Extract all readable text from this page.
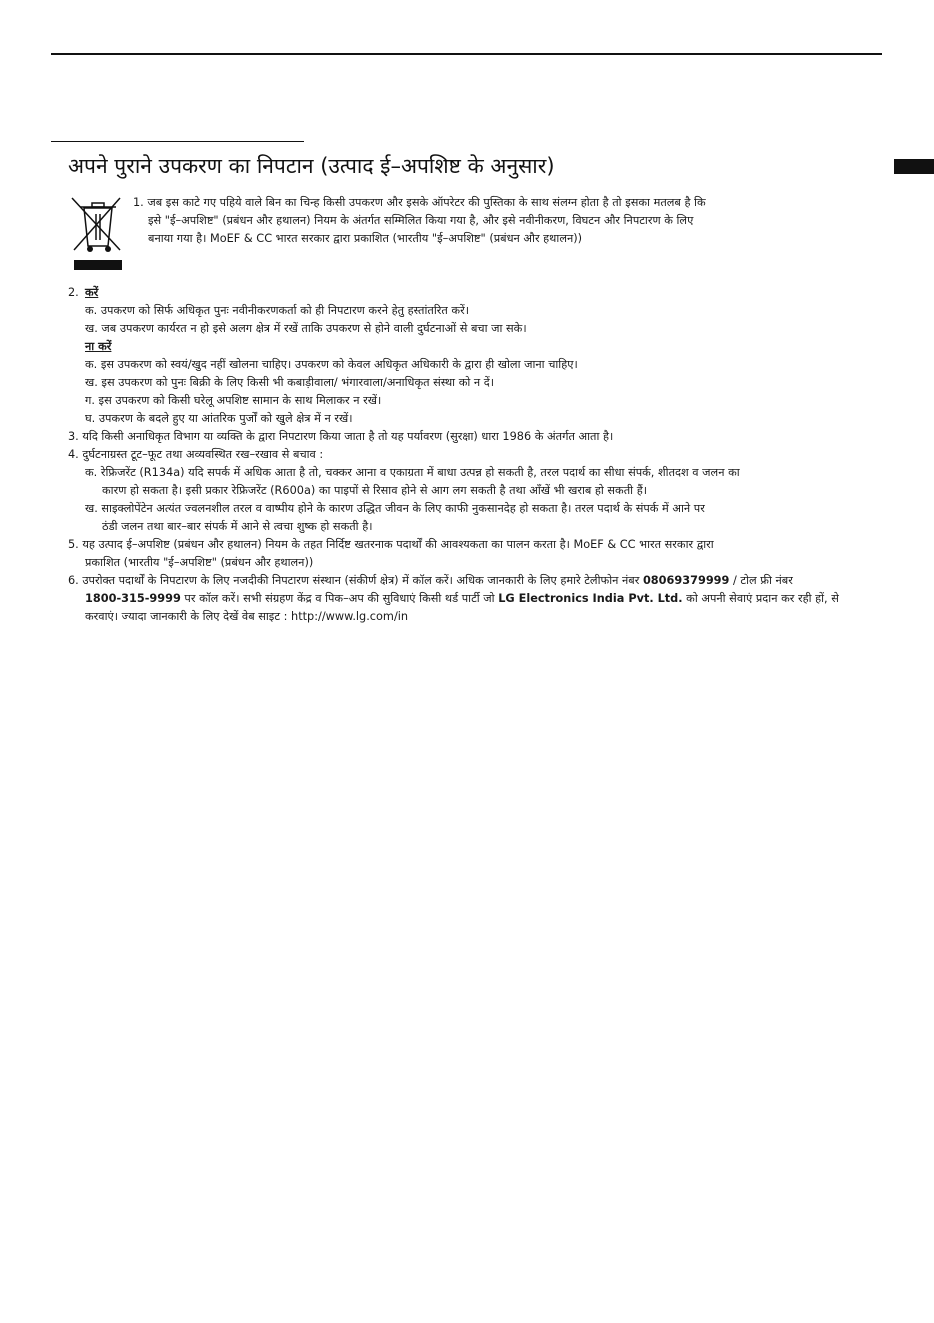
अपने पुराने उपकरण का निपटान (उत्पाद ई–अपशिष्ट के अनुसार)
1. जब इस काटे गए पहिये वाले बिन का चिन्ह किसी उपकरण और इसके ऑपरेटर की पुस्तिका के साथ संलग्न होता है तो इसका मतलब है कि
इसे "ई–अपशिष्ट" (प्रबंधन और हथालन) नियम के अंतर्गत सम्मिलित किया गया है, और इसे नवीनीकरण, विघटन और निपटारण के लिए
बनाया गया है। MoEF & CC भारत सरकार द्वारा प्रकाशित (भारतीय "ई–अपशिष्ट" (प्रबंधन और हथालन))
2. करें
क. उपकरण को सिर्फ अधिकृत पुनः नवीनीकरणकर्ता को ही निपटारण करने हेतु हस्तांतरित करें।
ख. जब उपकरण कार्यरत न हो इसे अलग क्षेत्र में रखें ताकि उपकरण से होने वाली दुर्घटनाओं से बचा जा सके।
ना करें
क. इस उपकरण को स्वयं/खुद नहीं खोलना चाहिए। उपकरण को केवल अधिकृत अधिकारी के द्वारा ही खोला जाना चाहिए।
ख. इस उपकरण को पुनः बिक्री के लिए किसी भी कबाड़ीवाला/ भंगारवाला/अनाधिकृत संस्था को न दें।
ग. इस उपकरण को किसी घरेलू अपशिष्ट सामान के साथ मिलाकर न रखें।
घ. उपकरण के बदले हुए या आंतरिक पुर्जों को खुले क्षेत्र में न रखें।
3. यदि किसी अनाधिकृत विभाग या व्यक्ति के द्वारा निपटारण किया जाता है तो यह पर्यावरण (सुरक्षा) धारा 1986 के अंतर्गत आता है।
4. दुर्घटनाग्रस्त टूट–फूट तथा अव्यवस्थित रख–रखाव से बचाव :
क. रेफ्रिजरेंट (R134a) यदि सपर्क में अधिक आता है तो, चक्कर आना व एकाग्रता में बाधा उत्पन्न हो सकती है, तरल पदार्थ का सीधा संपर्क, शीतदश व जलन का
कारण हो सकता है। इसी प्रकार रेफ्रिजरेंट (R600a) का पाइपों से रिसाव होने से आग लग सकती है तथा आँखें भी खराब हो सकती हैं।
ख. साइक्लोपेंटेन अत्यंत ज्वलनशील तरल व वाष्पीय होने के कारण उद्धित जीवन के लिए काफी नुकसानदेह हो सकता है। तरल पदार्थ के संपर्क में आने पर
ठंडी जलन तथा बार–बार संपर्क में आने से त्वचा शुष्क हो सकती है।
5. यह उत्पाद ई–अपशिष्ट (प्रबंधन और हथालन) नियम के तहत निर्दिष्ट खतरनाक पदार्थों की आवश्यकता का पालन करता है। MoEF & CC भारत सरकार द्वारा
प्रकाशित (भारतीय "ई–अपशिष्ट" (प्रबंधन और हथालन))
6. उपरोक्त पदार्थों के निपटारण के लिए नजदीकी निपटारण संस्थान (संकीर्ण क्षेत्र) में कॉल करें। अधिक जानकारी के लिए हमारे टेलीफोन नंबर 08069379999 / टोल फ्री नंबर
1800-315-9999 पर कॉल करें। सभी संग्रहण केंद्र व पिक–अप की सुविधाएं किसी थर्ड पार्टी जो LG Electronics India Pvt. Ltd. को अपनी सेवाएं प्रदान कर रही हों, से
करवाएं। ज्यादा जानकारी के लिए देखें वेब साइट : http://www.lg.com/in
